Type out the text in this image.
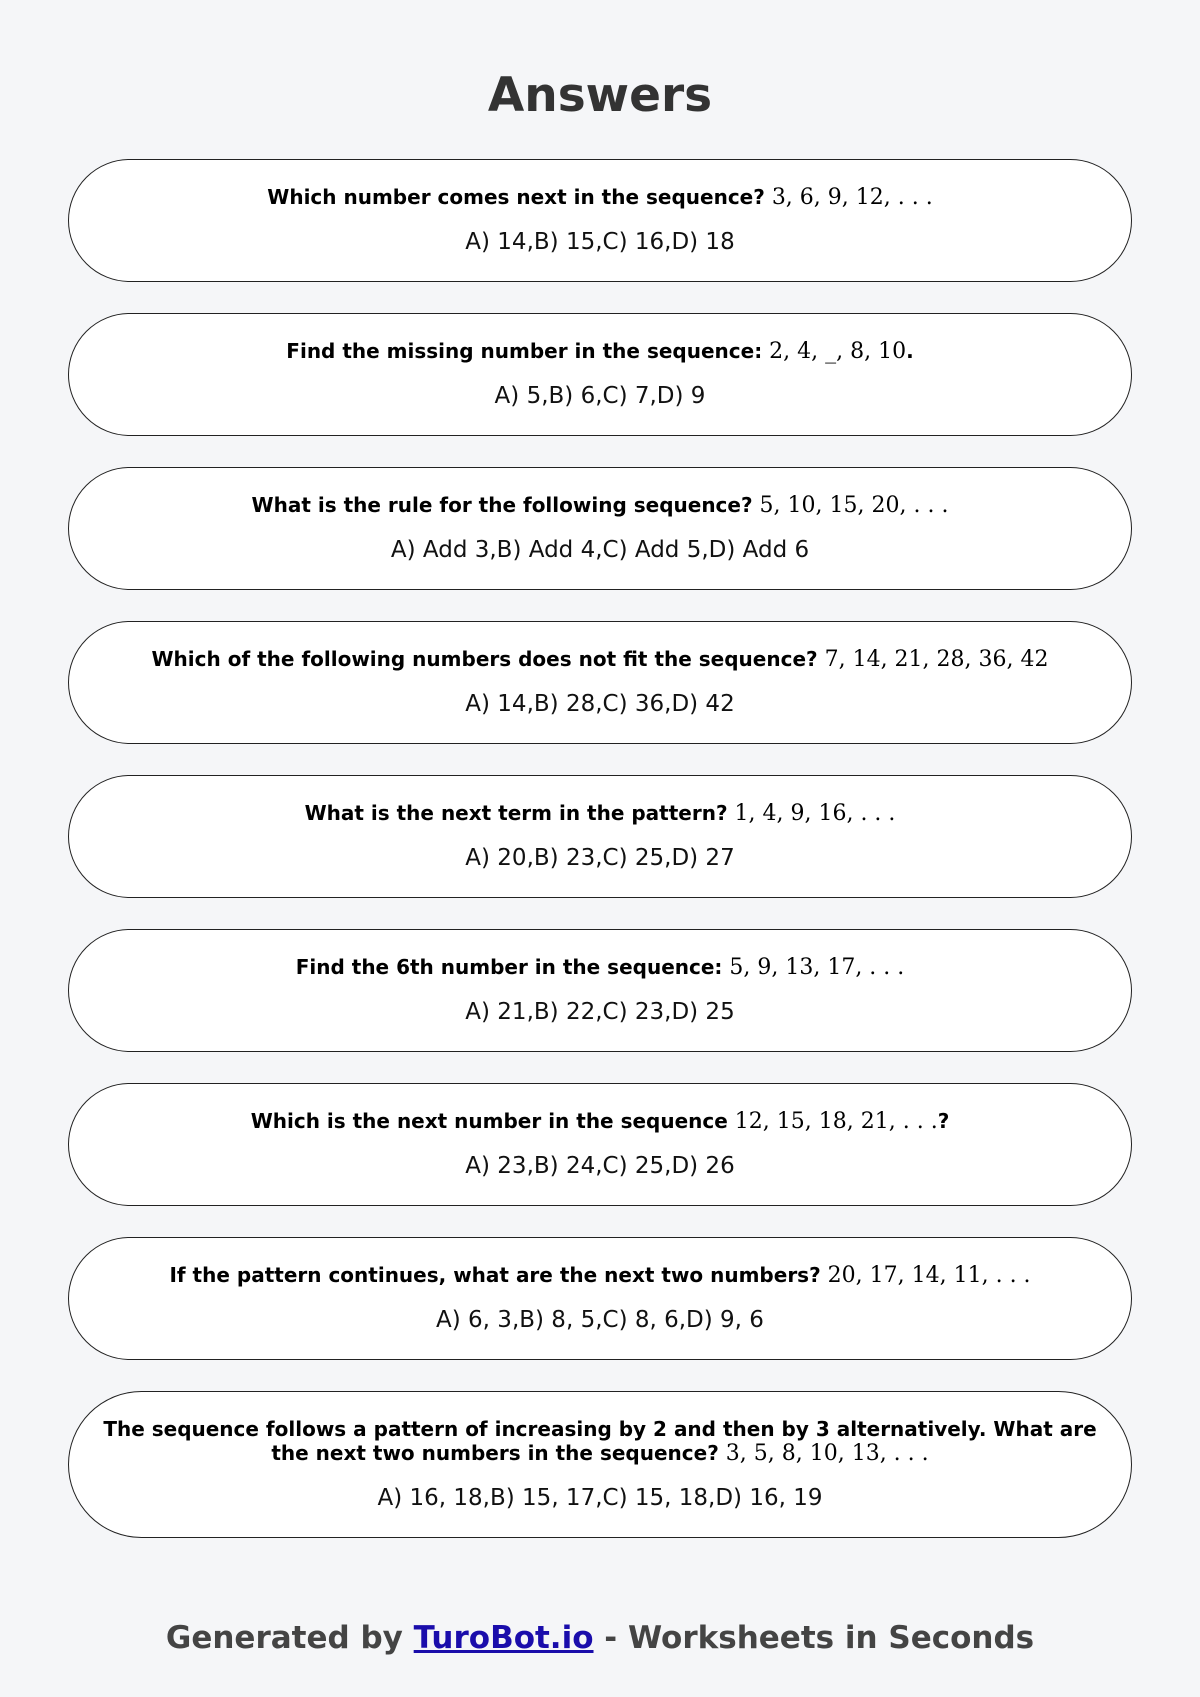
Answers

Which number comes next in the sequence? 3, 6, 9, 12, . . .

A) 14,B) 15,C) 16,D) 18

Find the missing number in the sequence: 2, 4, _, 8, 10.

A) 5,B) 6,C) 7,D) 9

What is the rule for the following sequence? 5, 10, 15, 20, . . .

A) Add 3,B) Add 4,C) Add 5,D) Add 6

Which of the following numbers does not fit the sequence? 7, 14, 21, 28, 36, 42

A) 14,B) 28,C) 36,D) 42

What is the next term in the pattern? 1, 4, 9, 16, . . .

A) 20,B) 23,C) 25,D) 27

Find the 6th number in the sequence: 5, 9, 13, 17, . . .

A) 21,B) 22,C) 23,D) 25

Which is the next number in the sequence 12, 15, 18, 21, . . .?

A) 23,B) 24,C) 25,D) 26

If the pattern continues, what are the next two numbers? 20, 17, 14, 11, . . .

A) 6, 3,B) 8, 5,C) 8, 6,D) 9, 6

The sequence follows a pattern of increasing by 2 and then by 3 alternatively. What are the next two numbers in the sequence? 3, 5, 8, 10, 13, . . .

A) 16, 18,B) 15, 17,C) 15, 18,D) 16, 19
Generated by TuroBot.io - Worksheets in Seconds
